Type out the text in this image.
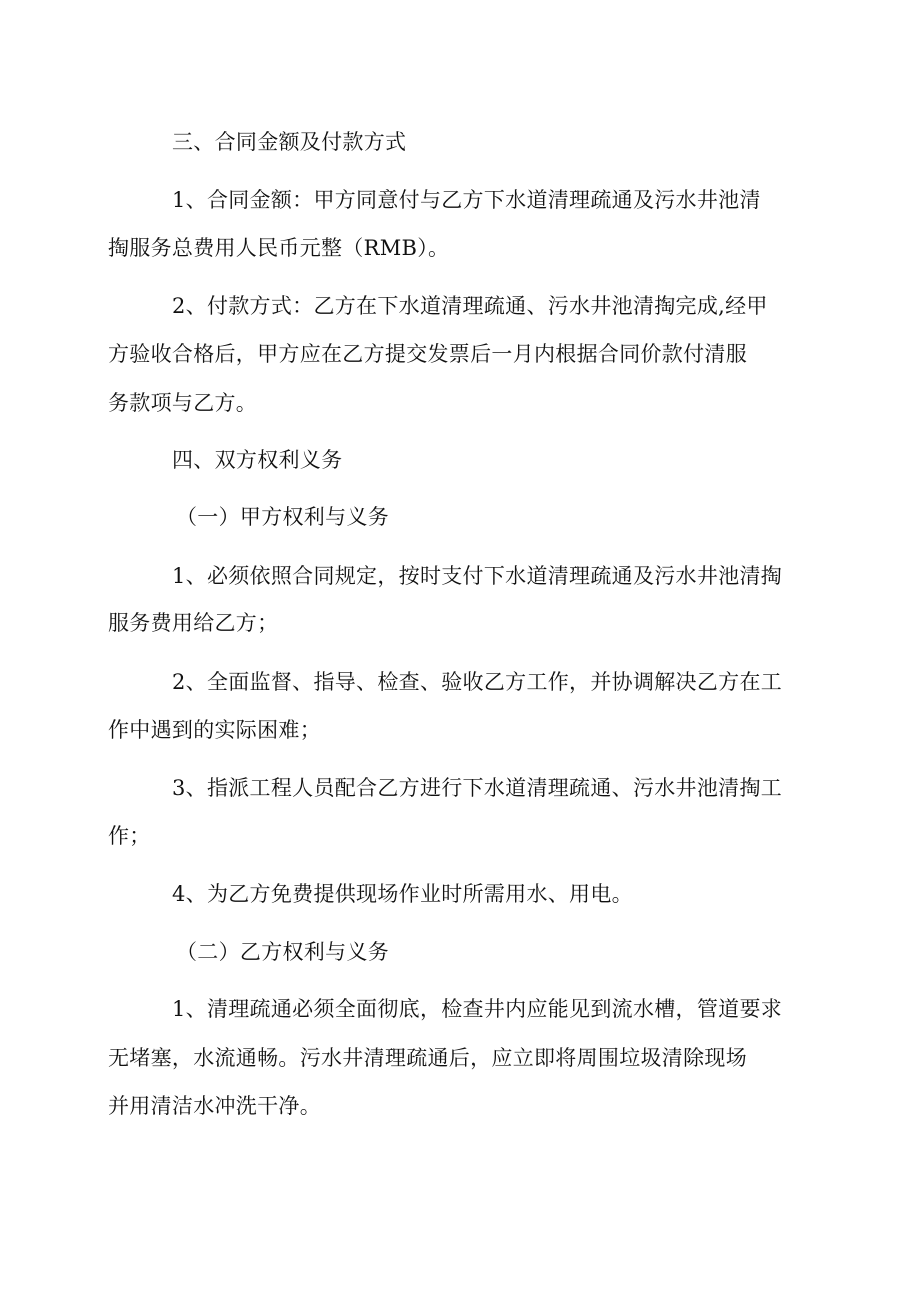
三、合同金额及付款方式
1、合同金额：甲方同意付与乙方下水道清理疏通及污水井池清
掏服务总费用人民币元整（RMB）。
2、付款方式：乙方在下水道清理疏通、污水井池清掏完成,经甲
方验收合格后，甲方应在乙方提交发票后一月内根据合同价款付清服
务款项与乙方。
四、双方权利义务
（一）甲方权利与义务
1、必须依照合同规定，按时支付下水道清理疏通及污水井池清掏
服务费用给乙方；
2、全面监督、指导、检查、验收乙方工作，并协调解决乙方在工
作中遇到的实际困难；
3、指派工程人员配合乙方进行下水道清理疏通、污水井池清掏工
作；
4、为乙方免费提供现场作业时所需用水、用电。
（二）乙方权利与义务
1、清理疏通必须全面彻底，检查井内应能见到流水槽，管道要求
无堵塞，水流通畅。污水井清理疏通后，应立即将周围垃圾清除现场
并用清洁水冲洗干净。
